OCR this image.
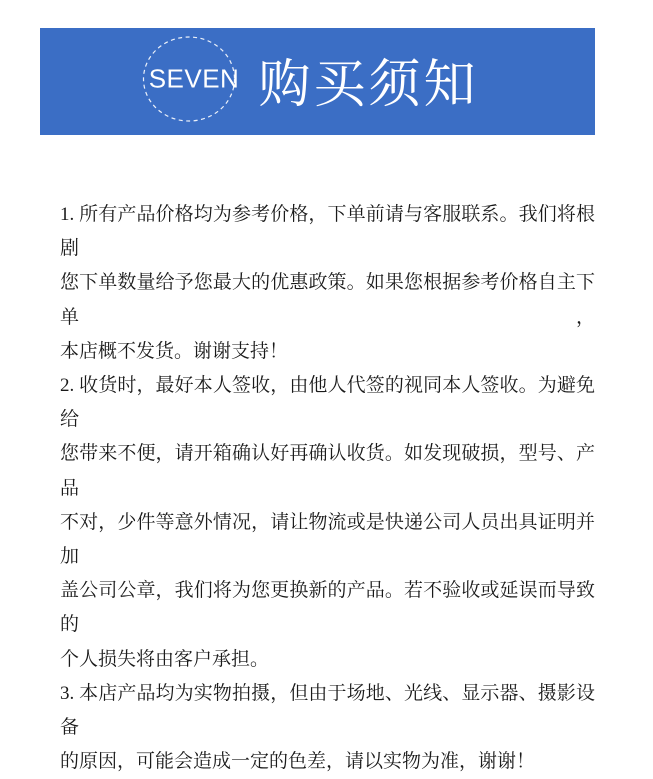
SEVEN 购买须知
1. 所有产品价格均为参考价格，下单前请与客服联系。我们将根剧
您下单数量给予您最大的优惠政策。如果您根据参考价格自主下单，
本店概不发货。谢谢支持！
2. 收货时，最好本人签收，由他人代签的视同本人签收。为避免给
您带来不便，请开箱确认好再确认收货。如发现破损，型号、产品
不对，少件等意外情况，请让物流或是快递公司人员出具证明并加
盖公司公章，我们将为您更换新的产品。若不验收或延误而导致的
个人损失将由客户承担。
3. 本店产品均为实物拍摄，但由于场地、光线、显示器、摄影设备
的原因，可能会造成一定的色差，请以实物为准，谢谢！
